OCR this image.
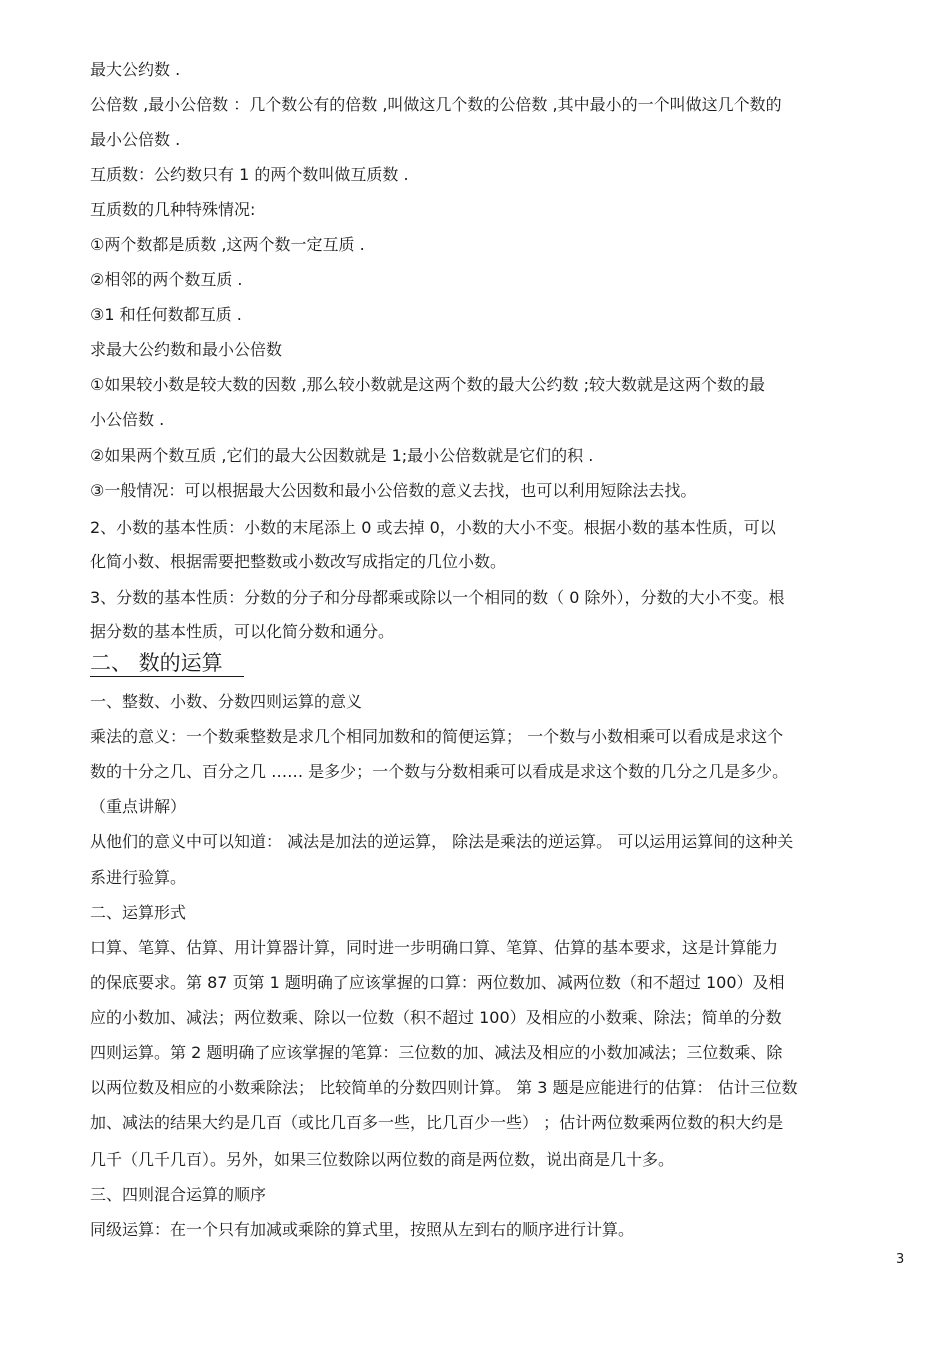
最大公约数 .
公倍数 ,最小公倍数 ：几个数公有的倍数 ,叫做这几个数的公倍数 ,其中最小的一个叫做这几个数的
最小公倍数 .
互质数：公约数只有 1 的两个数叫做互质数 .
互质数的几种特殊情况:
①两个数都是质数 ,这两个数一定互质 .
②相邻的两个数互质 .
③1 和任何数都互质 .
求最大公约数和最小公倍数
①如果较小数是较大数的因数 ,那么较小数就是这两个数的最大公约数 ;较大数就是这两个数的最
小公倍数 .
②如果两个数互质 ,它们的最大公因数就是 1;最小公倍数就是它们的积 .
③一般情况：可以根据最大公因数和最小公倍数的意义去找，也可以利用短除法去找。
2、小数的基本性质：小数的末尾添上 0 或去掉 0，小数的大小不变。根据小数的基本性质，可以
化简小数、根据需要把整数或小数改写成指定的几位小数。
3、分数的基本性质：分数的分子和分母都乘或除以一个相同的数（ 0 除外），分数的大小不变。根
据分数的基本性质，可以化简分数和通分。
二、 数的运算
一、整数、小数、分数四则运算的意义
乘法的意义：一个数乘整数是求几个相同加数和的简便运算； 一个数与小数相乘可以看成是求这个
数的十分之几、百分之几 …… 是多少；一个数与分数相乘可以看成是求这个数的几分之几是多少。
（重点讲解）
从他们的意义中可以知道： 减法是加法的逆运算， 除法是乘法的逆运算。 可以运用运算间的这种关
系进行验算。
二、运算形式
口算、笔算、估算、用计算器计算，同时进一步明确口算、笔算、估算的基本要求，这是计算能力
的保底要求。第 87 页第 1 题明确了应该掌握的口算：两位数加、减两位数（和不超过 100）及相
应的小数加、减法；两位数乘、除以一位数（积不超过 100）及相应的小数乘、除法；简单的分数
四则运算。第 2 题明确了应该掌握的笔算：三位数的加、减法及相应的小数加减法；三位数乘、除
以两位数及相应的小数乘除法； 比较简单的分数四则计算。 第 3 题是应能进行的估算： 估计三位数
加、减法的结果大约是几百（或比几百多一些，比几百少一些） ；估计两位数乘两位数的积大约是
几千（几千几百）。另外，如果三位数除以两位数的商是两位数，说出商是几十多。
三、四则混合运算的顺序
同级运算：在一个只有加减或乘除的算式里，按照从左到右的顺序进行计算。
3
